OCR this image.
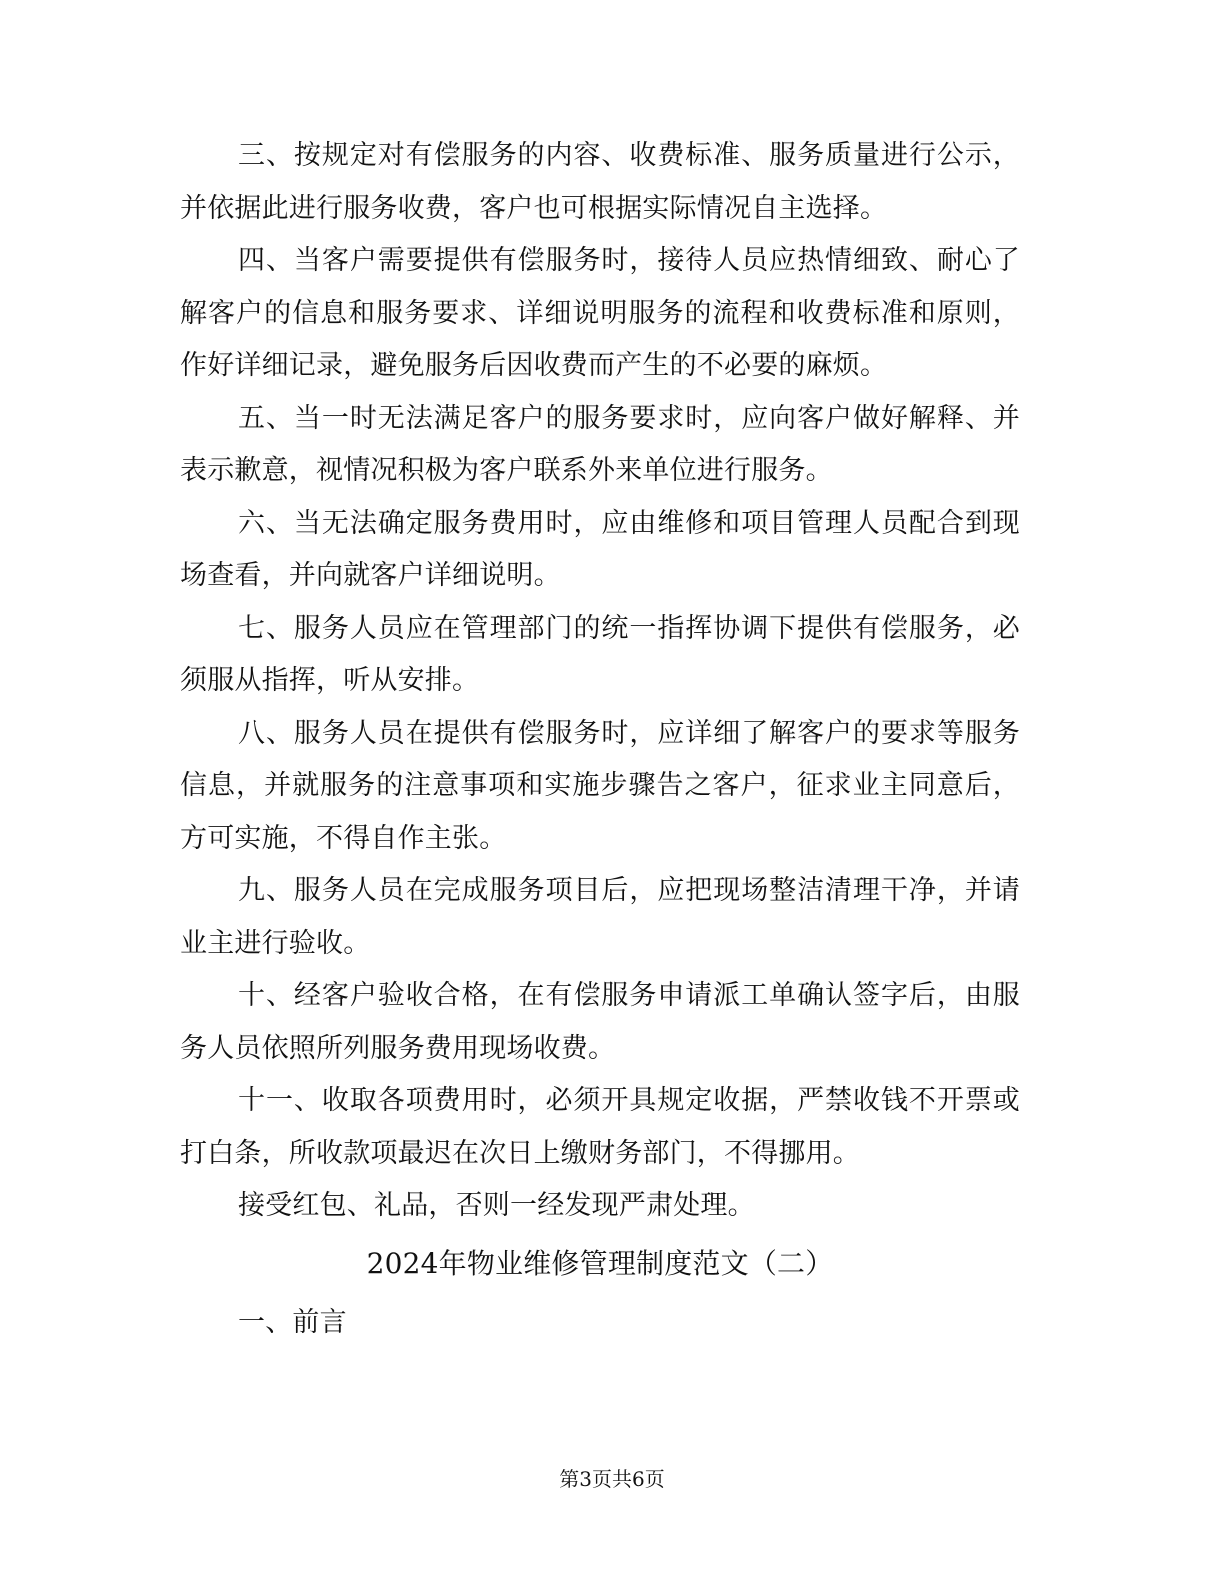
三、按规定对有偿服务的内容、收费标准、服务质量进行公示，并依据此进行服务收费，客户也可根据实际情况自主选择。

四、当客户需要提供有偿服务时，接待人员应热情细致、耐心了解客户的信息和服务要求、详细说明服务的流程和收费标准和原则，作好详细记录，避免服务后因收费而产生的不必要的麻烦。

五、当一时无法满足客户的服务要求时，应向客户做好解释、并表示歉意，视情况积极为客户联系外来单位进行服务。

六、当无法确定服务费用时，应由维修和项目管理人员配合到现场查看，并向就客户详细说明。

七、服务人员应在管理部门的统一指挥协调下提供有偿服务，必须服从指挥，听从安排。

八、服务人员在提供有偿服务时，应详细了解客户的要求等服务信息，并就服务的注意事项和实施步骤告之客户，征求业主同意后，方可实施，不得自作主张。

九、服务人员在完成服务项目后，应把现场整洁清理干净，并请业主进行验收。

十、经客户验收合格，在有偿服务申请派工单确认签字后，由服务人员依照所列服务费用现场收费。

十一、收取各项费用时，必须开具规定收据，严禁收钱不开票或打白条，所收款项最迟在次日上缴财务部门，不得挪用。

接受红包、礼品，否则一经发现严肃处理。

2024年物业维修管理制度范文（二）

一、前言

第3页共6页
